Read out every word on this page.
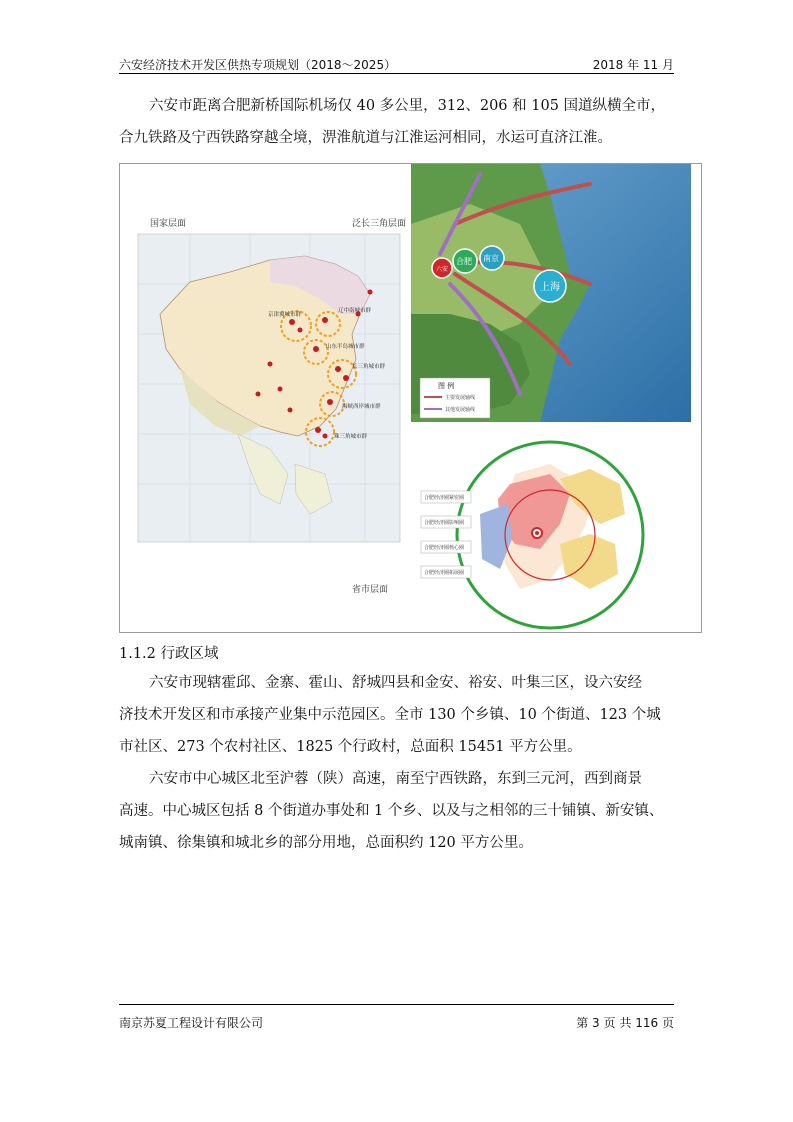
六安经济技术开发区供热专项规划（2018～2025）	2018 年 11 月

六安市距离合肥新桥国际机场仅 40 多公里，312、206 和 105 国道纵横全市，
合九铁路及宁西铁路穿越全境，淠淮航道与江淮运河相同，水运可直济江淮。

国家层面	泛长三角层面
京津冀城市群
辽中南城市群
山东半岛城市群
长三角城市群
海峡西岸城市群
珠三角城市群
省市层面
六安
合肥 南京
上海
图 例
主要发展轴线
其他发展轴线
合肥经济圈紧密圈
合肥经济圈影响圈
合肥经济圈核心圈
合肥经济圈拓展圈
1.1.2 行政区域

六安市现辖霍邱、金寨、霍山、舒城四县和金安、裕安、叶集三区，设六安经
济技术开发区和市承接产业集中示范园区。全市 130 个乡镇、10 个街道、123 个城
市社区、273 个农村社区、1825 个行政村，总面积 15451 平方公里。

六安市中心城区北至沪蓉（陕）高速，南至宁西铁路，东到三元河，西到商景
高速。中心城区包括 8 个街道办事处和 1 个乡、以及与之相邻的三十铺镇、新安镇、
城南镇、徐集镇和城北乡的部分用地，总面积约 120 平方公里。

南京苏夏工程设计有限公司	第 3 页 共 116 页
